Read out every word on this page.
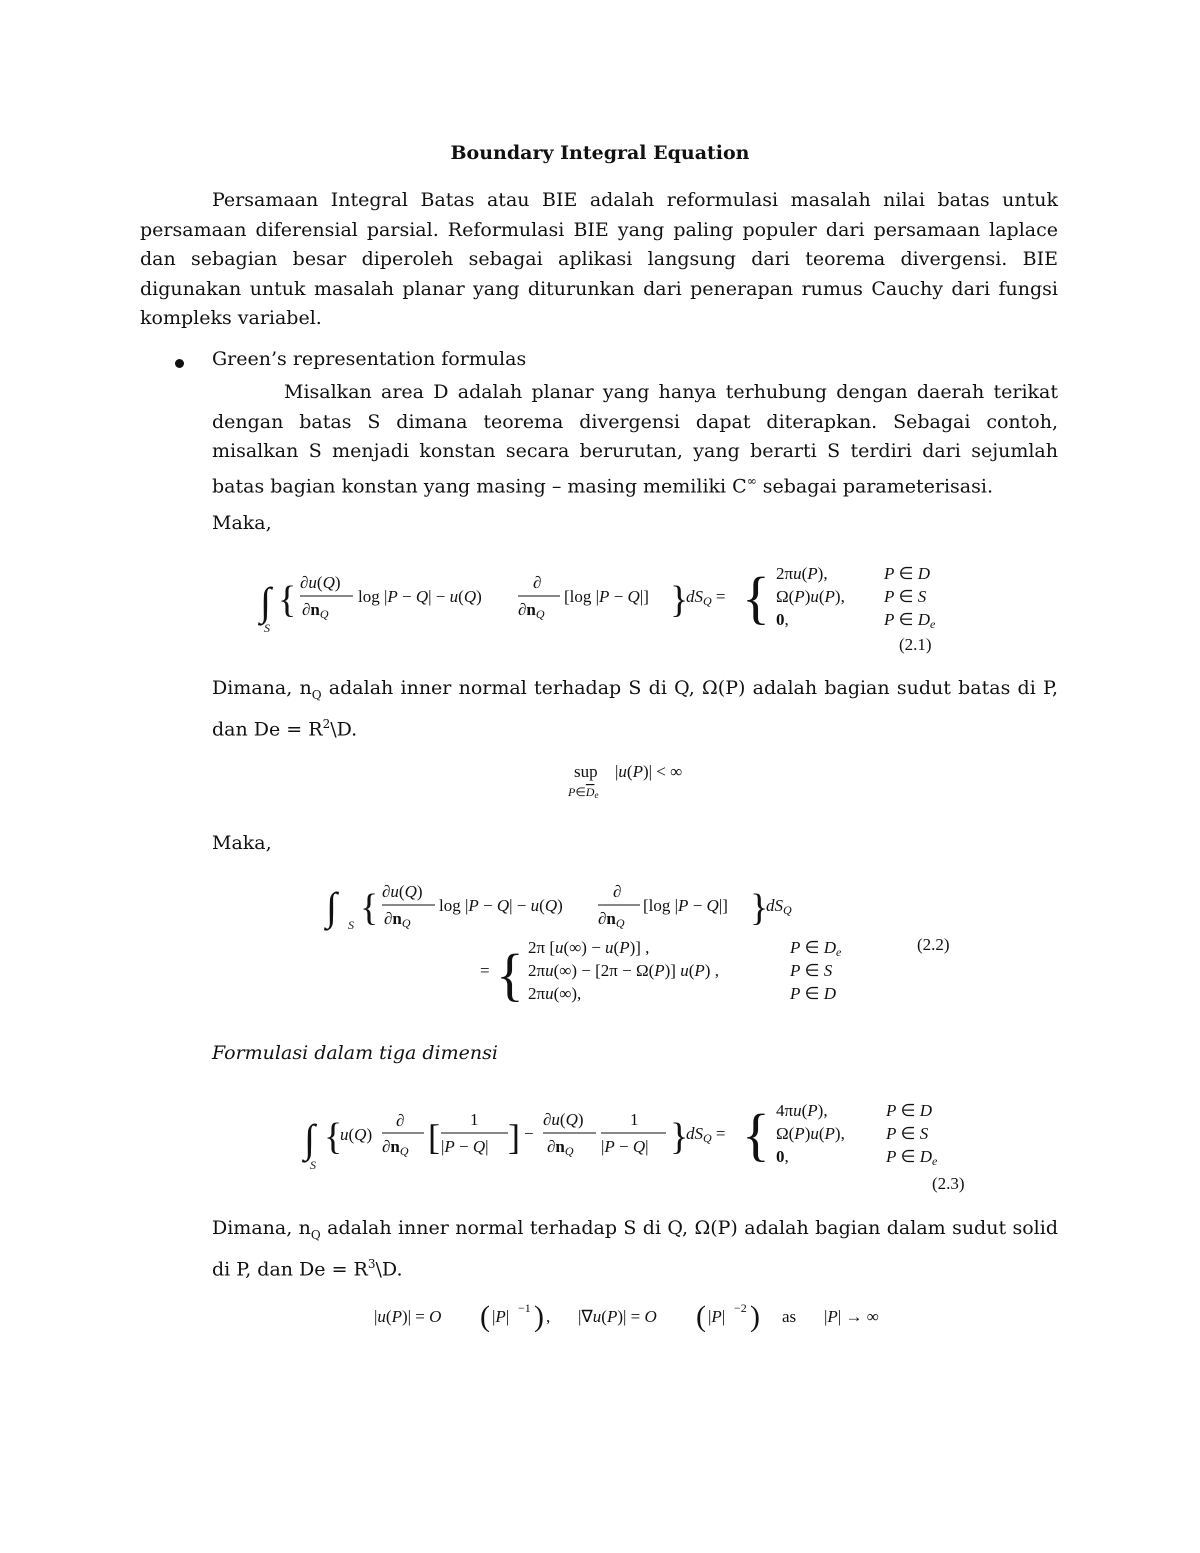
Boundary Integral Equation
Persamaan Integral Batas atau BIE adalah reformulasi masalah nilai batas untuk persamaan diferensial parsial. Reformulasi BIE yang paling populer dari persamaan laplace dan sebagian besar diperoleh sebagai aplikasi langsung dari teorema divergensi. BIE digunakan untuk masalah planar yang diturunkan dari penerapan rumus Cauchy dari fungsi kompleks variabel.
Green’s representation formulas
Misalkan area D adalah planar yang hanya terhubung dengan daerah terikat dengan batas S dimana teorema divergensi dapat diterapkan. Sebagai contoh, misalkan S menjadi konstan secara berurutan, yang berarti S terdiri dari sejumlah batas bagian konstan yang masing – masing memiliki C∞ sebagai parameterisasi.
Maka,
∫
S
{ ∂u(Q)
∂nQ
log |P − Q| − u(Q)
∂
∂nQ
[log |P − Q|] }
dSQ = { 2πu(P),	P ∈ D
Ω(P)u(P), P ∈ S
0,	P ∈ De
(2.1)
Dimana, $n_Q$ adalah inner normal terhadap S di Q, Ω(P) adalah bagian sudut batas di P, dan $De = R^2\backslash D$.
sup
P∈De
|u(P)| < ∞
Maka,
∫ S { ∂u(Q)
∂nQ
log |P − Q| − u(Q)
∂
∂nQ
[log |P − Q|] }
dSQ
= { 2π [u(∞) − u(P)] ,	P ∈ De
2πu(∞) − [2π − Ω(P)] u(P) ,	P ∈ S
2πu(∞),	P ∈ D
(2.2)
Formulasi dalam tiga dimensi
∫
S
{
u(Q)
∂
∂nQ [ 1
|P − Q| ] −
∂u(Q)
∂nQ
1
|P − Q| }
dSQ = { 4πu(P),	P ∈ D
Ω(P)u(P), P ∈ S
0,	P ∈ De
(2.3)
Dimana, $n_Q$ adalah inner normal terhadap S di Q, Ω(P) adalah bagian dalam sudut solid di P, dan $De = R^3\backslash D$.
|u(P)| = O ( |P| −1 ) , |∇u(P)| = O ( |P| −2 ) as |P| → ∞
